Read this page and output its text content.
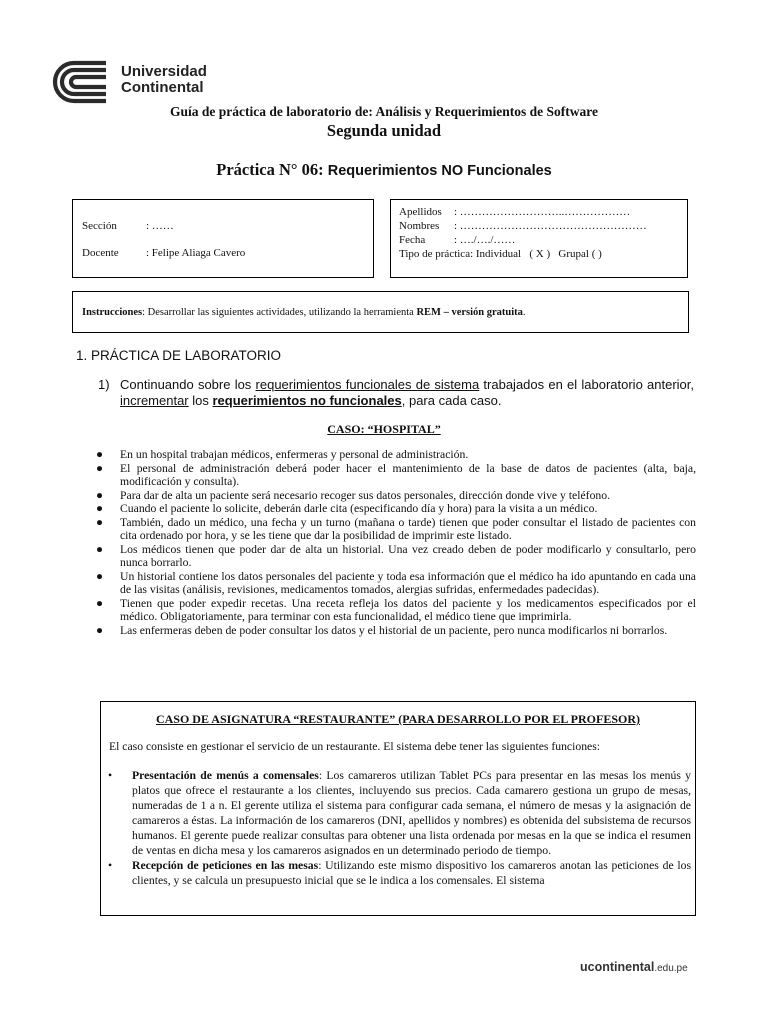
Universidad
Continental
Guía de práctica de laboratorio de: Análisis y Requerimientos de Software
Segunda unidad
Práctica N° 06: Requerimientos NO Funcionales
Sección	: ……
Docente : Felipe Aliaga Cavero
Apellidos : ………………………..………………
Nombres : ……………………………………………
Fecha	: …./…./……
Tipo de práctica: Individual ( X ) Grupal ( )
Instrucciones: Desarrollar las siguientes actividades, utilizando la herramienta REM – versión gratuita.
1. PRÁCTICA DE LABORATORIO
1) Continuando sobre los requerimientos funcionales de sistema trabajados en el laboratorio anterior, incrementar los requerimientos no funcionales, para cada caso.
CASO: “HOSPITAL”
● En un hospital trabajan médicos, enfermeras y personal de administración.
● El personal de administración deberá poder hacer el mantenimiento de la base de datos de pacientes (alta, baja, modificación y consulta).
● Para dar de alta un paciente será necesario recoger sus datos personales, dirección donde vive y teléfono.
● Cuando el paciente lo solicite, deberán darle cita (especificando día y hora) para la visita a un médico.
● También, dado un médico, una fecha y un turno (mañana o tarde) tienen que poder consultar el listado de pacientes con cita ordenado por hora, y se les tiene que dar la posibilidad de imprimir este listado.
● Los médicos tienen que poder dar de alta un historial. Una vez creado deben de poder modificarlo y consultarlo, pero nunca borrarlo.
● Un historial contiene los datos personales del paciente y toda esa información que el médico ha ido apuntando en cada una de las visitas (análisis, revisiones, medicamentos tomados, alergias sufridas, enfermedades padecidas).
● Tienen que poder expedir recetas. Una receta refleja los datos del paciente y los medicamentos especificados por el médico. Obligatoriamente, para terminar con esta funcionalidad, el médico tiene que imprimirla.
● Las enfermeras deben de poder consultar los datos y el historial de un paciente, pero nunca modificarlos ni borrarlos.
CASO DE ASIGNATURA “RESTAURANTE” (PARA DESARROLLO POR EL PROFESOR)
El caso consiste en gestionar el servicio de un restaurante. El sistema debe tener las siguientes funciones:
• Presentación de menús a comensales: Los camareros utilizan Tablet PCs para presentar en las mesas los menús y platos que ofrece el restaurante a los clientes, incluyendo sus precios. Cada camarero gestiona un grupo de mesas, numeradas de 1 a n. El gerente utiliza el sistema para configurar cada semana, el número de mesas y la asignación de camareros a éstas. La información de los camareros (DNI, apellidos y nombres) es obtenida del subsistema de recursos humanos. El gerente puede realizar consultas para obtener una lista ordenada por mesas en la que se indica el resumen de ventas en dicha mesa y los camareros asignados en un determinado periodo de tiempo.
• Recepción de peticiones en las mesas: Utilizando este mismo dispositivo los camareros anotan las peticiones de los clientes, y se calcula un presupuesto inicial que se le indica a los comensales. El sistema
ucontinental.edu.pe
